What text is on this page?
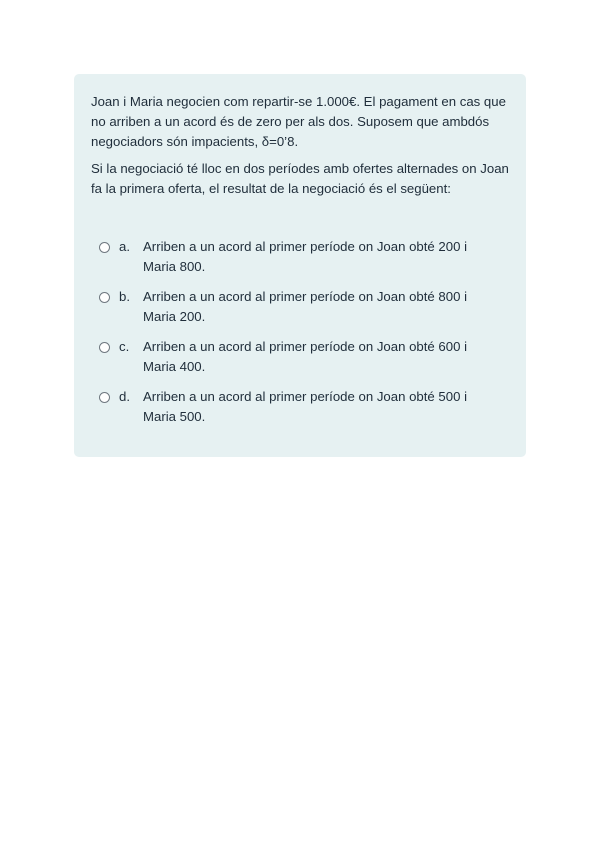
Joan i Maria negocien com repartir-se 1.000€. El pagament en cas que no arriben a un acord és de zero per als dos. Suposem que ambdós negociadors són impacients, δ=0’8.

Si la negociació té lloc en dos períodes amb ofertes alternades on Joan fa la primera oferta, el resultat de la negociació és el següent:

a. Arriben a un acord al primer període on Joan obté 200 i Maria 800.
b. Arriben a un acord al primer període on Joan obté 800 i Maria 200.
c.	Arriben a un acord al primer període on Joan obté 600 i Maria 400.
d. Arriben a un acord al primer període on Joan obté 500 i Maria 500.
